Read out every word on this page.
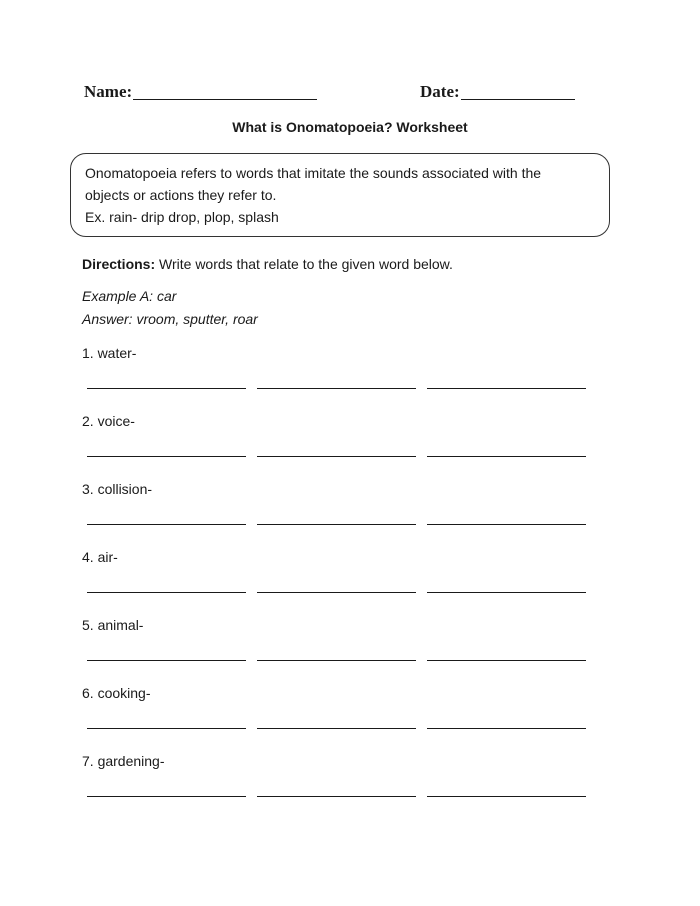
Name:	Date:
What is Onomatopoeia? Worksheet
Onomatopoeia refers to words that imitate the sounds associated with the
objects or actions they refer to.
Ex. rain- drip drop, plop, splash
Directions: Write words that relate to the given word below.
Example A: car
Answer: vroom, sputter, roar
1. water-
2. voice-
3. collision-
4. air-
5. animal-
6. cooking-
7. gardening-
